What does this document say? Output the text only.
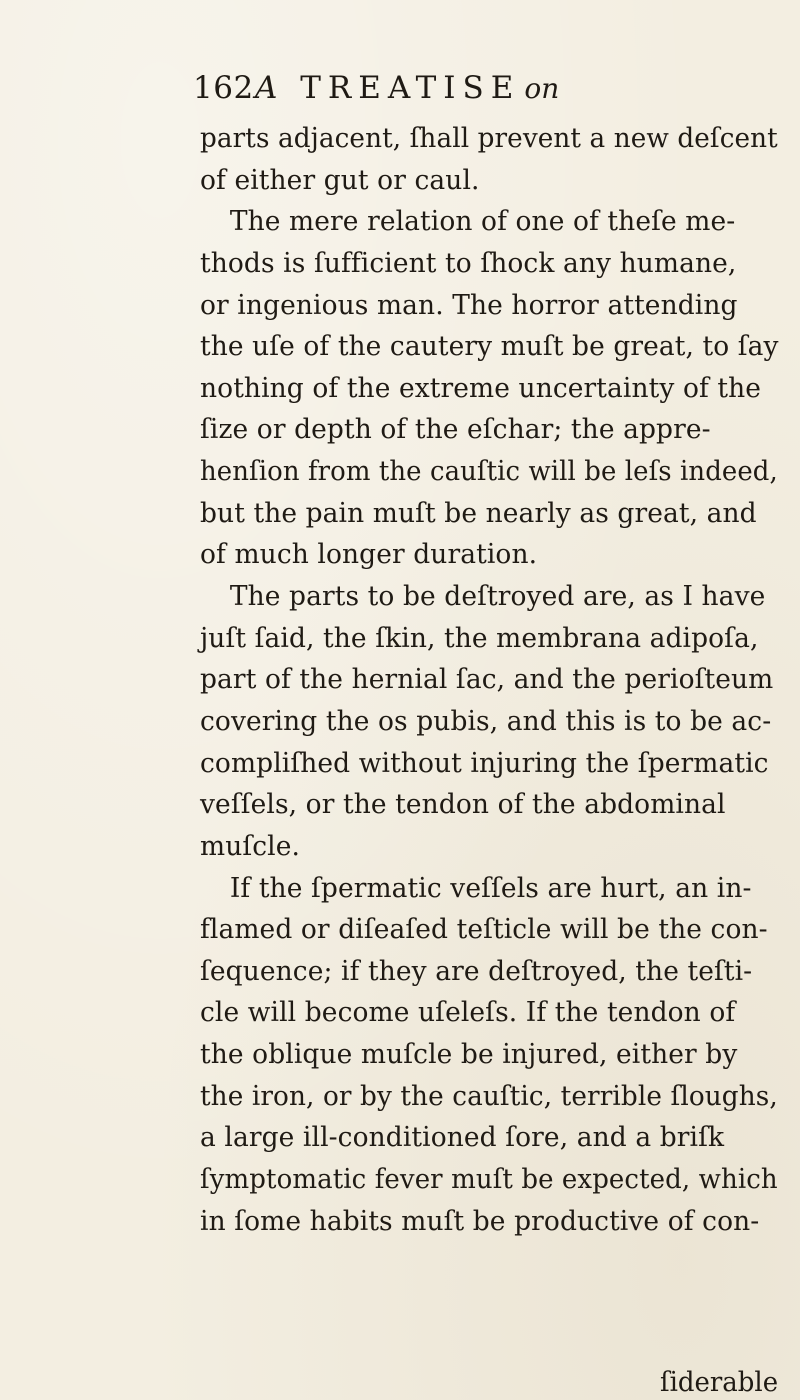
162 A TREATISE on
parts adjacent, ſhall prevent a new deſcent
of either gut or caul.
The mere relation of one of theſe me-
thods is ſufficient to ſhock any humane,
or ingenious man. The horror attending
the uſe of the cautery muſt be great, to ſay
nothing of the extreme uncertainty of the
ſize or depth of the eſchar; the appre-
henſion from the cauſtic will be leſs indeed,
but the pain muſt be nearly as great, and
of much longer duration.
The parts to be deſtroyed are, as I have
juſt ſaid, the ſkin, the membrana adipoſa,
part of the hernial ſac, and the perioſteum
covering the os pubis, and this is to be ac-
compliſhed without injuring the ſpermatic
veſſels, or the tendon of the abdominal
muſcle.
If the ſpermatic veſſels are hurt, an in-
flamed or diſeaſed teſticle will be the con-
ſequence; if they are deſtroyed, the teſti-
cle will become uſeleſs. If the tendon of
the oblique muſcle be injured, either by
the iron, or by the cauſtic, terrible ſloughs,
a large ill-conditioned ſore, and a briſk
ſymptomatic fever muſt be expected, which
in ſome habits muſt be productive of con-
ſiderable
